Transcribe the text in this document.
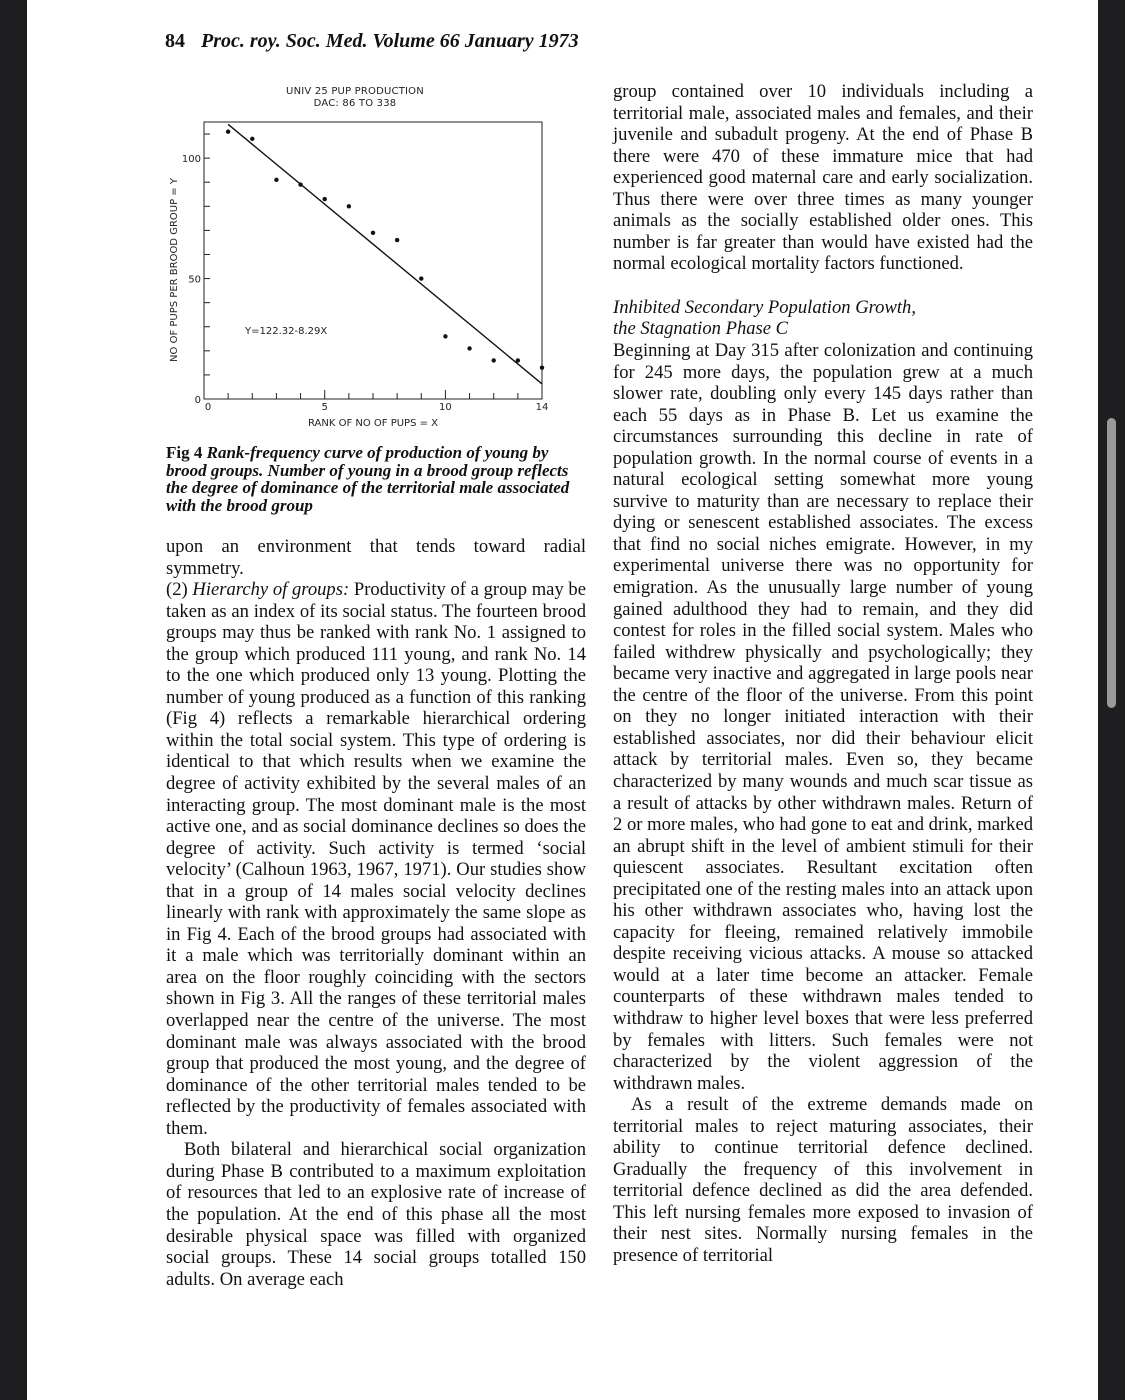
84 Proc. roy. Soc. Med. Volume 66 January 1973
UNIV 25 PUP PRODUCTION
DAC: 86 TO 338
0	5	10	14
0
50
100
Y=122.32-8.29X
RANK OF NO OF PUPS = X
NO OF PUPS PER BROOD GROUP = Y
Fig 4 Rank-frequency curve of production of young by brood groups. Number of young in a brood group reflects the degree of dominance of the territorial male associated with the brood group

upon an environment that tends toward radial symmetry.

(2) Hierarchy of groups: Productivity of a group may be taken as an index of its social status. The fourteen brood groups may thus be ranked with rank No. 1 assigned to the group which produced 111 young, and rank No. 14 to the one which produced only 13 young. Plotting the number of young produced as a function of this ranking (Fig 4) reflects a remarkable hierarchical ordering within the total social system. This type of ordering is identical to that which results when we examine the degree of activity exhibited by the several males of an interacting group. The most dominant male is the most active one, and as social dominance declines so does the degree of activity. Such activity is termed ‘social velocity’ (Calhoun 1963, 1967, 1971). Our studies show that in a group of 14 males social velocity declines linearly with rank with approximately the same slope as in Fig 4. Each of the brood groups had associated with it a male which was territorially dominant within an area on the floor roughly coinciding with the sectors shown in Fig 3. All the ranges of these territorial males overlapped near the centre of the universe. The most dominant male was always associated with the brood group that produced the most young, and the degree of dominance of the other territorial males tended to be reflected by the productivity of females associated with them.

Both bilateral and hierarchical social organization during Phase B contributed to a maximum exploitation of resources that led to an explosive rate of increase of the population. At the end of this phase all the most desirable physical space was filled with organized social groups. These 14 social groups totalled 150 adults. On average each

group contained over 10 individuals including a territorial male, associated males and females, and their juvenile and subadult progeny. At the end of Phase B there were 470 of these immature mice that had experienced good maternal care and early socialization. Thus there were over three times as many younger animals as the socially established older ones. This number is far greater than would have existed had the normal ecological mortality factors functioned.

Inhibited Secondary Population Growth,
the Stagnation Phase C

Beginning at Day 315 after colonization and continuing for 245 more days, the population grew at a much slower rate, doubling only every 145 days rather than each 55 days as in Phase B. Let us examine the circumstances surrounding this decline in rate of population growth. In the normal course of events in a natural ecological setting somewhat more young survive to maturity than are necessary to replace their dying or senescent established associates. The excess that find no social niches emigrate. However, in my experimental universe there was no opportunity for emigration. As the unusually large number of young gained adulthood they had to remain, and they did contest for roles in the filled social system. Males who failed withdrew physically and psychologically; they became very inactive and aggregated in large pools near the centre of the floor of the universe. From this point on they no longer initiated interaction with their established associates, nor did their behaviour elicit attack by territorial males. Even so, they became characterized by many wounds and much scar tissue as a result of attacks by other withdrawn males. Return of 2 or more males, who had gone to eat and drink, marked an abrupt shift in the level of ambient stimuli for their quiescent associates. Resultant excitation often precipitated one of the resting males into an attack upon his other withdrawn associates who, having lost the capacity for fleeing, remained relatively immobile despite receiving vicious attacks. A mouse so attacked would at a later time become an attacker. Female counterparts of these withdrawn males tended to withdraw to higher level boxes that were less preferred by females with litters. Such females were not characterized by the violent aggression of the withdrawn males.

As a result of the extreme demands made on territorial males to reject maturing associates, their ability to continue territorial defence declined. Gradually the frequency of this involvement in territorial defence declined as did the area defended. This left nursing females more exposed to invasion of their nest sites. Normally nursing females in the presence of territorial
